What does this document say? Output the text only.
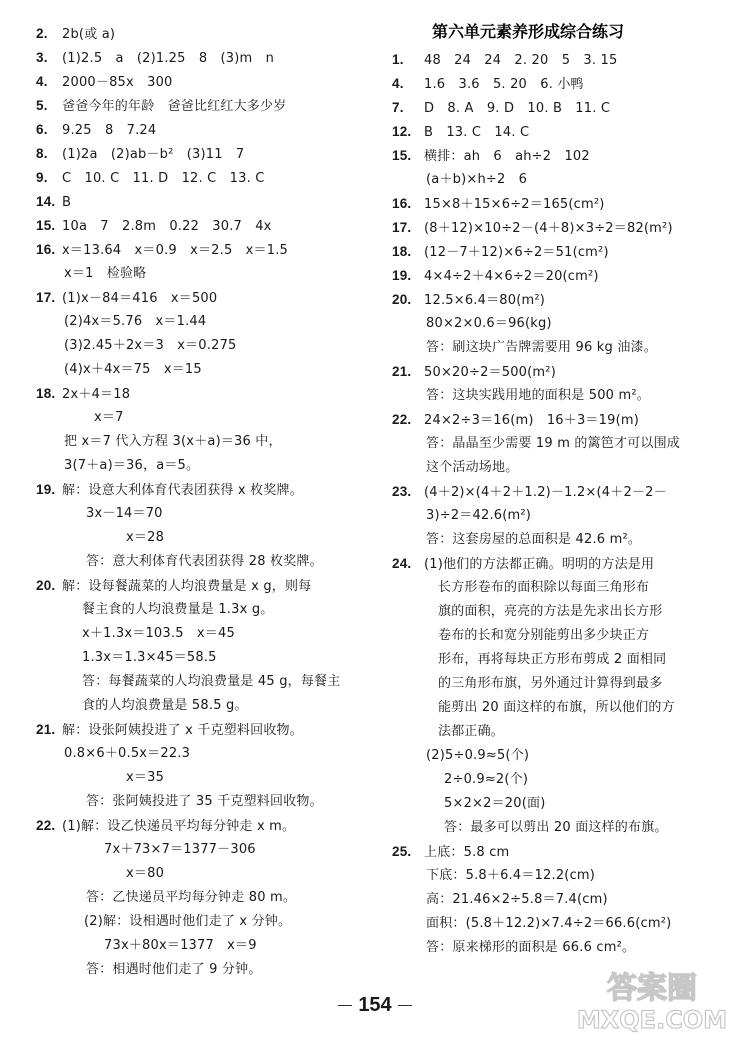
2. 2b(或 a)
3. (1)2.5　a　(2)1.25　8　(3)m　n
4. 2000－85x　300
5. 爸爸今年的年龄　爸爸比红红大多少岁
6. 9.25　8　7.24
8. (1)2a　(2)ab－b²　(3)11　7
9. C　10. C　11. D　12. C　13. C
14. B
15. 10a　7　2.8m　0.22　30.7　4x
16. x＝13.64　x＝0.9　x＝2.5　x＝1.5
x＝1　检验略
17. (1)x－84＝416　x＝500
(2)4x＝5.76　x＝1.44
(3)2.45＋2x＝3　x＝0.275
(4)x＋4x＝75　x＝15
18. 2x＋4＝18
x＝7
把 x＝7 代入方程 3(x＋a)＝36 中，
3(7＋a)＝36，a＝5。
19. 解：设意大利体育代表团获得 x 枚奖牌。
3x－14＝70
x＝28
答：意大利体育代表团获得 28 枚奖牌。
20. 解：设每餐蔬菜的人均浪费量是 x g，则每
餐主食的人均浪费量是 1.3x g。
x＋1.3x＝103.5　x＝45
1.3x＝1.3×45＝58.5
答：每餐蔬菜的人均浪费量是 45 g，每餐主
食的人均浪费量是 58.5 g。
21. 解：设张阿姨投进了 x 千克塑料回收物。
0.8×6＋0.5x＝22.3
x＝35
答：张阿姨投进了 35 千克塑料回收物。
22. (1)解：设乙快递员平均每分钟走 x m。
7x＋73×7＝1377－306
x＝80
答：乙快递员平均每分钟走 80 m。
(2)解：设相遇时他们走了 x 分钟。
73x＋80x＝1377　x＝9
答：相遇时他们走了 9 分钟。
第六单元素养形成综合练习
1. 48　24　24　2. 20　5　3. 15
4. 1.6　3.6　5. 20　6. 小鸭
7. D　8. A　9. D　10. B　11. C
12. B　13. C　14. C
15. 横排：ah　6　ah÷2　102
(a＋b)×h÷2　6
16. 15×8＋15×6÷2＝165(cm²)
17. (8＋12)×10÷2－(4＋8)×3÷2＝82(m²)
18. (12－7＋12)×6÷2＝51(cm²)
19. 4×4÷2＋4×6÷2＝20(cm²)
20. 12.5×6.4＝80(m²)
80×2×0.6＝96(kg)
答：刷这块广告牌需要用 96 kg 油漆。
21. 50×20÷2＝500(m²)
答：这块实践用地的面积是 500 m²。
22. 24×2÷3＝16(m)　16＋3＝19(m)
答：晶晶至少需要 19 m 的篱笆才可以围成
这个活动场地。
23. (4＋2)×(4＋2＋1.2)－1.2×(4＋2－2－
3)÷2＝42.6(m²)
答：这套房屋的总面积是 42.6 m²。
24. (1)他们的方法都正确。明明的方法是用
长方形卷布的面积除以每面三角形布
旗的面积，亮亮的方法是先求出长方形
卷布的长和宽分别能剪出多少块正方
形布，再将每块正方形布剪成 2 面相同
的三角形布旗，另外通过计算得到最多
能剪出 20 面这样的布旗，所以他们的方
法都正确。
(2)5÷0.9≈5(个)
2÷0.9≈2(个)
5×2×2＝20(面)
答：最多可以剪出 20 面这样的布旗。
25. 上底：5.8 cm
下底：5.8＋6.4＝12.2(cm)
高：21.46×2÷5.8＝7.4(cm)
面积：(5.8＋12.2)×7.4÷2＝66.6(cm²)
答：原来梯形的面积是 66.6 cm²。
154	答案圈
MXQE.COM
